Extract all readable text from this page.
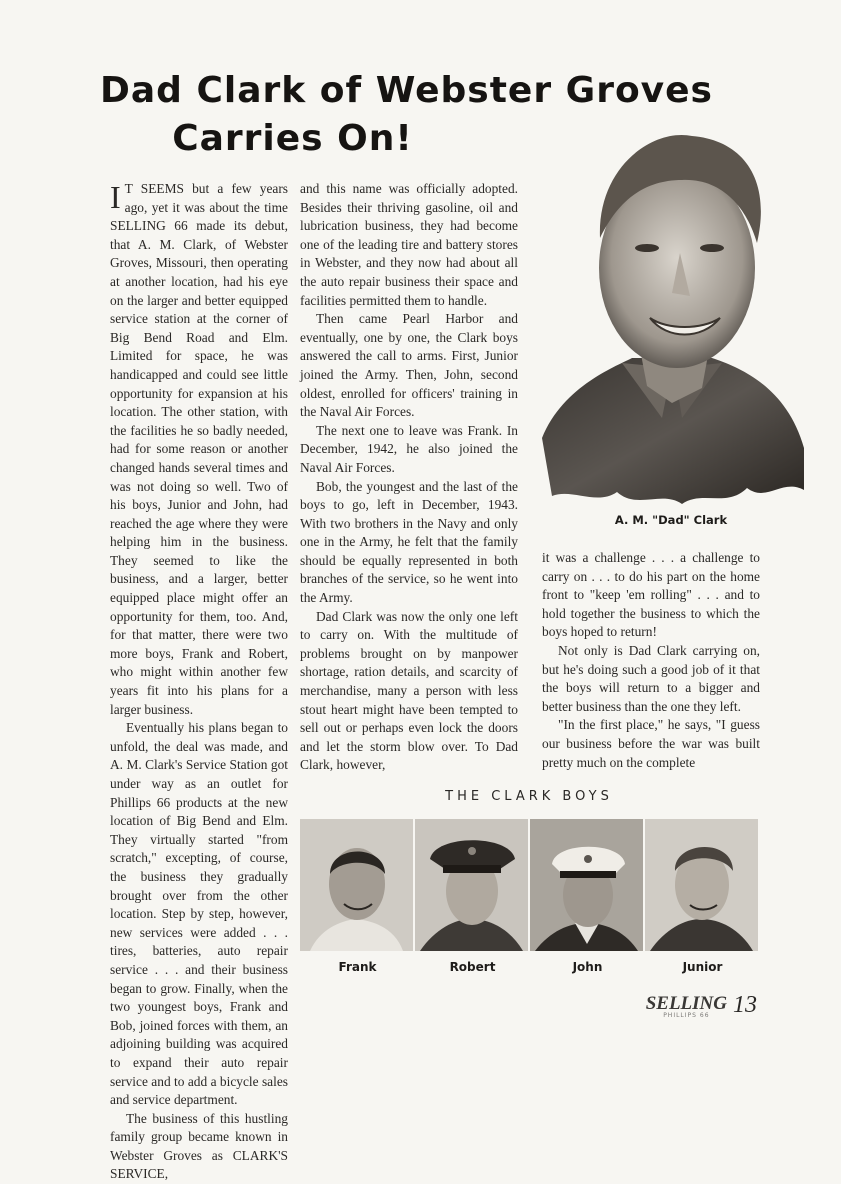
Dad Clark of Webster Groves
Carries On!

I T SEEMS but a few years ago, yet it was about the time SELLING 66 made its debut, that A. M. Clark, of Webster Groves, Missouri, then operating at another location, had his eye on the larger and better equipped service station at the corner of Big Bend Road and Elm. Limited for space, he was handicapped and could see little opportunity for expansion at his location. The other station, with the facilities he so badly needed, had for some reason or another changed hands several times and was not doing so well. Two of his boys, Junior and John, had reached the age where they were helping him in the business. They seemed to like the business, and a larger, better equipped place might offer an opportunity for them, too. And, for that matter, there were two more boys, Frank and Robert, who might within another few years fit into his plans for a larger business.

Eventually his plans began to unfold, the deal was made, and A. M. Clark's Service Station got under way as an outlet for Phillips 66 products at the new location of Big Bend and Elm. They virtually started "from scratch," excepting, of course, the business they gradually brought over from the other location. Step by step, however, new services were added . . . tires, batteries, auto repair service . . . and their business began to grow. Finally, when the two youngest boys, Frank and Bob, joined forces with them, an adjoining building was acquired to expand their auto repair service and to add a bicycle sales and service department.

The business of this hustling family group became known in Webster Groves as CLARK'S SERVICE,

and this name was officially adopted. Besides their thriving gasoline, oil and lubrication business, they had become one of the leading tire and battery stores in Webster, and they now had about all the auto repair business their space and facilities permitted them to handle.

Then came Pearl Harbor and eventually, one by one, the Clark boys answered the call to arms. First, Junior joined the Army. Then, John, second oldest, enrolled for officers' training in the Naval Air Forces.

The next one to leave was Frank. In December, 1942, he also joined the Naval Air Forces.

Bob, the youngest and the last of the boys to go, left in December, 1943. With two brothers in the Navy and only one in the Army, he felt that the family should be equally represented in both branches of the service, so he went into the Army.

Dad Clark was now the only one left to carry on. With the multitude of problems brought on by manpower shortage, ration details, and scarcity of merchandise, many a person with less stout heart might have been tempted to sell out or perhaps even lock the doors and let the storm blow over. To Dad Clark, however,

A. M. "Dad" Clark

it was a challenge . . . a challenge to carry on . . . to do his part on the home front to "keep 'em rolling" . . . and to hold together the business to which the boys hoped to return!

Not only is Dad Clark carrying on, but he's doing such a good job of it that the boys will return to a bigger and better business than the one they left.

"In the first place," he says, "I guess our business before the war was built pretty much on the complete

THE CLARK BOYS
Frank	Robert	John	Junior
SELLING
PHILLIPS 66 13
